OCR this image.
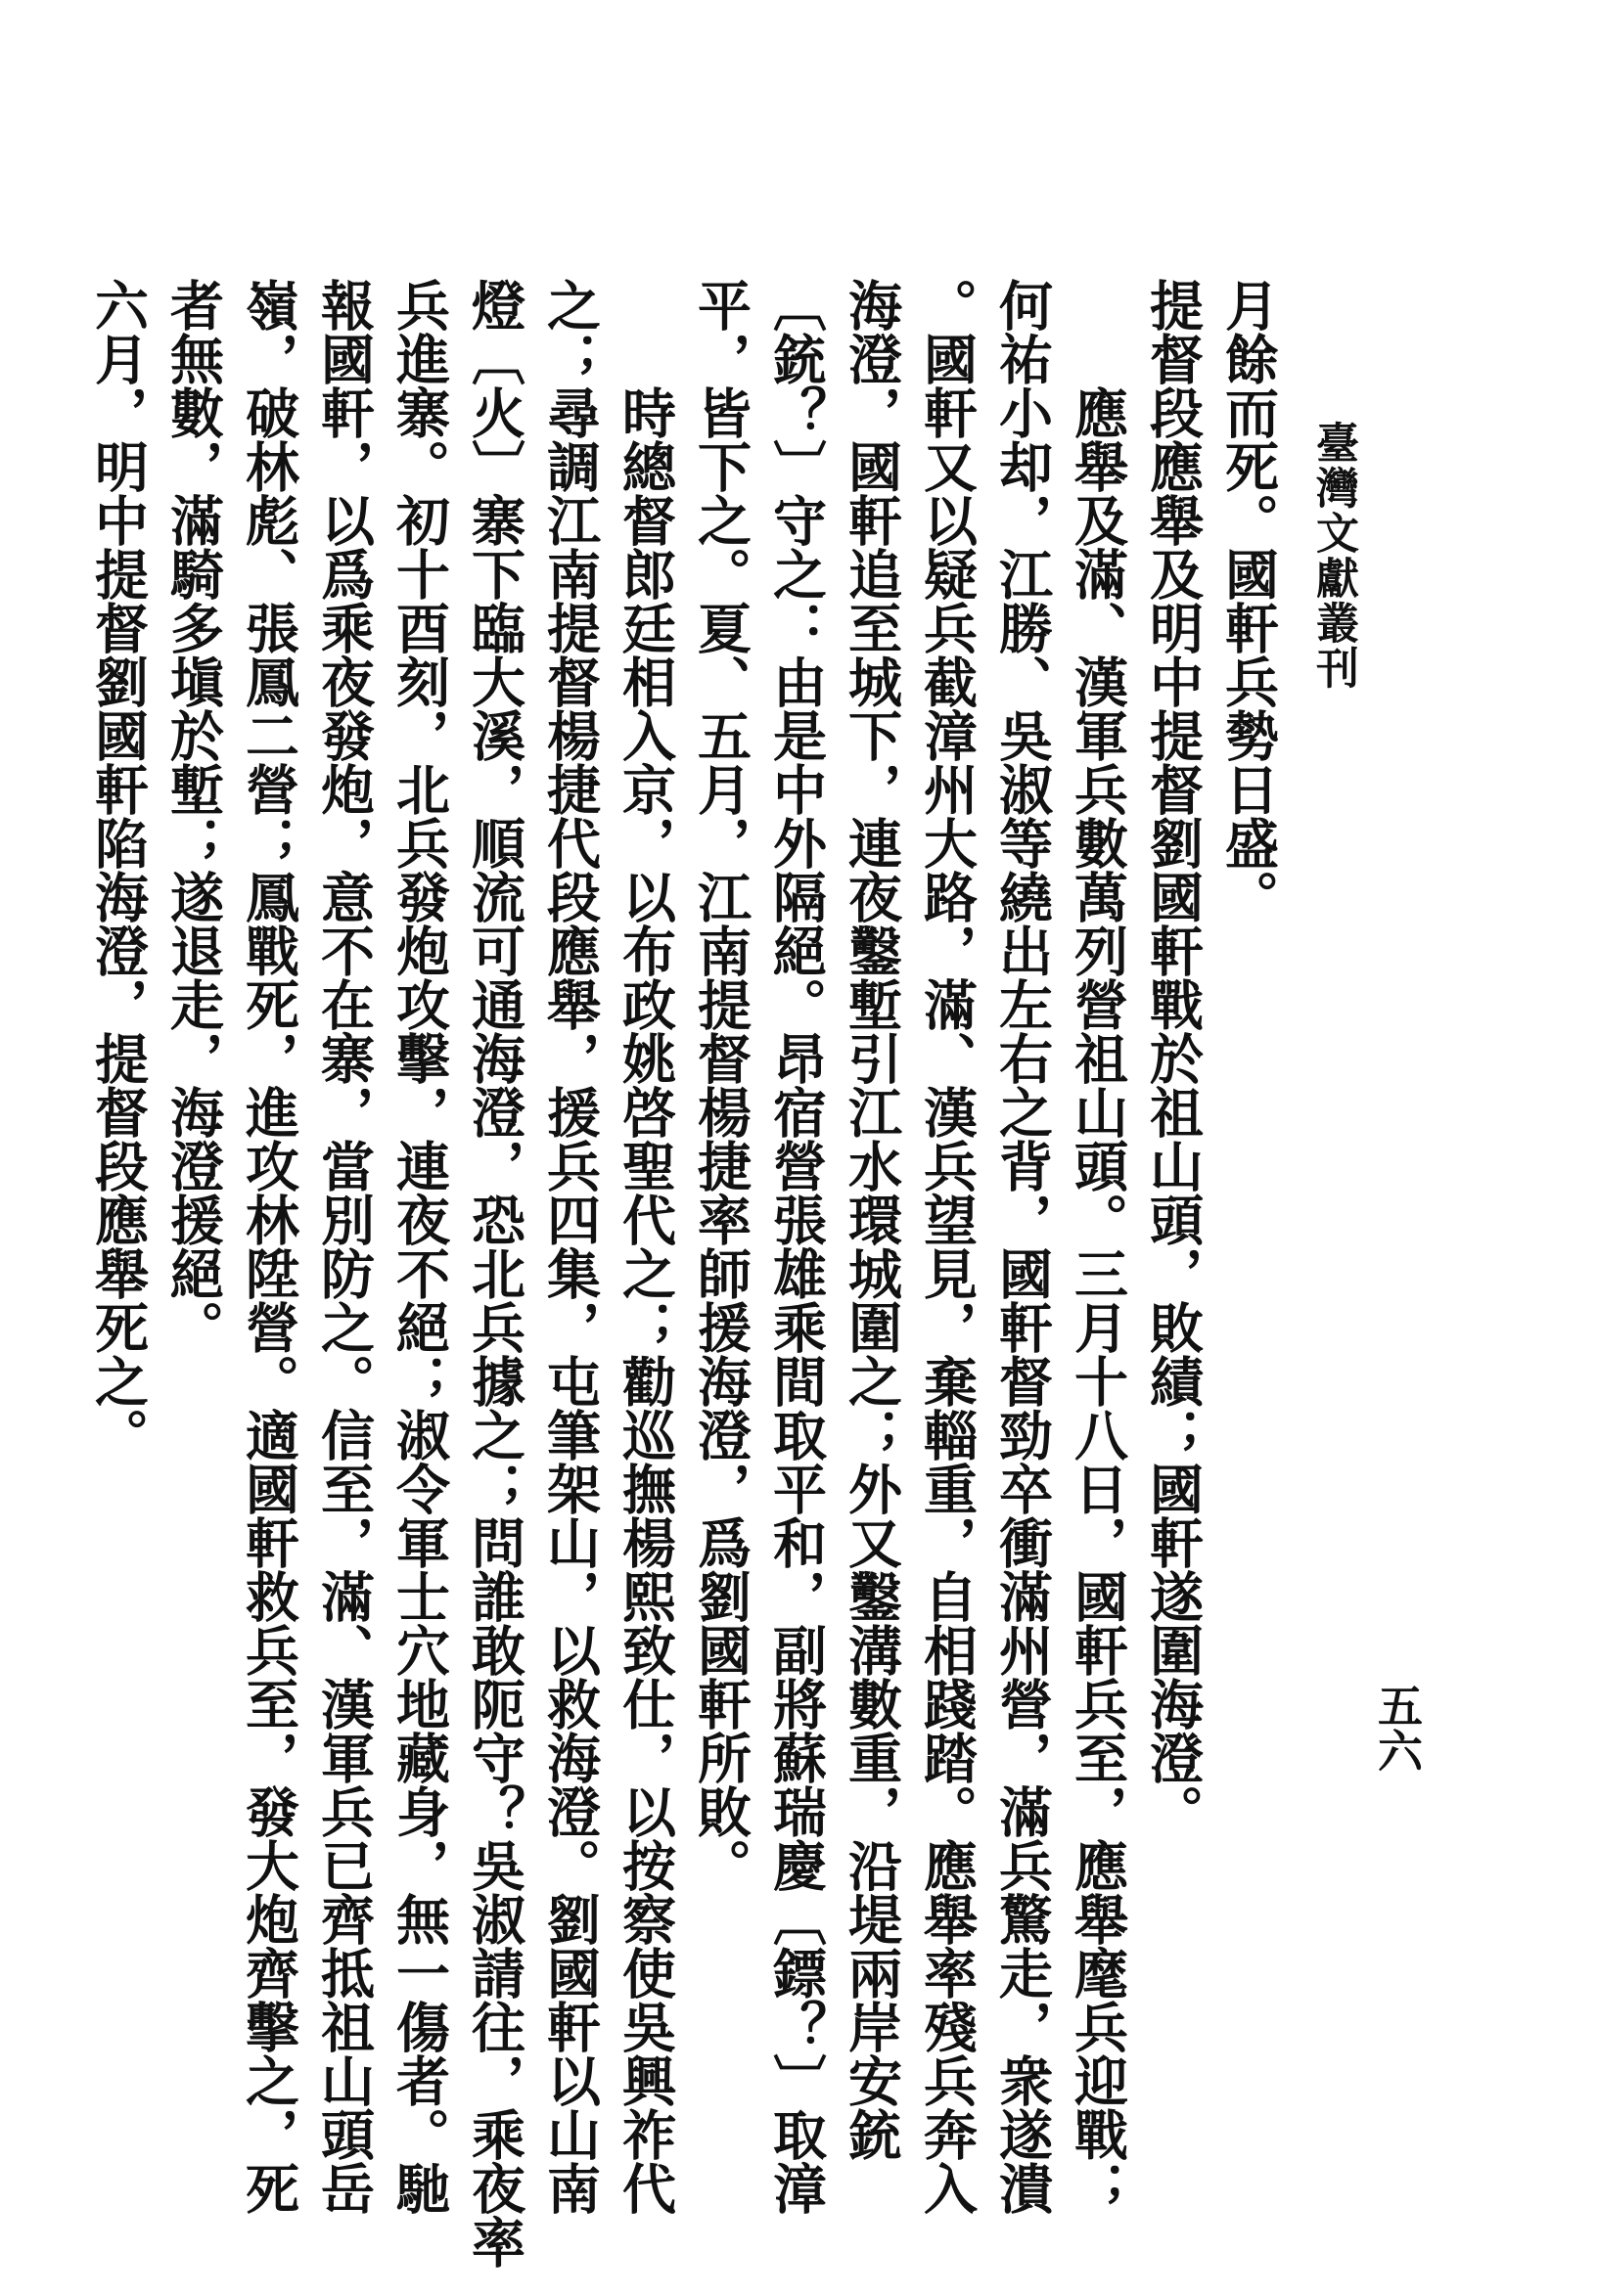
臺灣文獻叢刊
五六

月餘而死。國軒兵勢日盛。

提督段應舉及明中提督劉國軒戰於祖山頭，敗績；國軒遂圍海澄。

應舉及滿、漢軍兵數萬列營祖山頭。三月十八日，國軒兵至，應舉麾兵迎戰；

何祐小却，江勝、吳淑等繞出左右之背，國軒督勁卒衝滿州營，滿兵驚走，衆遂潰

。國軒又以疑兵截漳州大路，滿、漢兵望見，棄輜重，自相踐踏。應舉率殘兵奔入

海澄，國軒追至城下，連夜鑿塹引江水環城圍之；外又鑿溝數重，沿堤兩岸安銃

〔銃？〕守之：由是中外隔絕。昂宿營張雄乘間取平和，副將蘇瑞慶〔鏢？〕取漳

平，皆下之。夏、五月，江南提督楊捷率師援海澄，爲劉國軒所敗。

時總督郎廷相入京，以布政姚啓聖代之；勸巡撫楊熙致仕，以按察使吳興祚代

之；尋調江南提督楊捷代段應舉，援兵四集，屯筆架山，以救海澄。劉國軒以山南

燈〔火〕寨下臨大溪，順流可通海澄，恐北兵據之；問誰敢阨守？吳淑請往，乘夜率

兵進寨。初十酉刻，北兵發炮攻擊，連夜不絕；淑令軍士穴地藏身，無一傷者。馳

報國軒，以爲乘夜發炮，意不在寨，當別防之。信至，滿、漢軍兵已齊抵祖山頭岳

嶺，破林彪、張鳳二營；鳳戰死，進攻林陞營。適國軒救兵至，發大炮齊擊之，死

者無數，滿騎多塡於塹；遂退走，海澄援絕。

六月，明中提督劉國軒陷海澄，提督段應舉死之。
